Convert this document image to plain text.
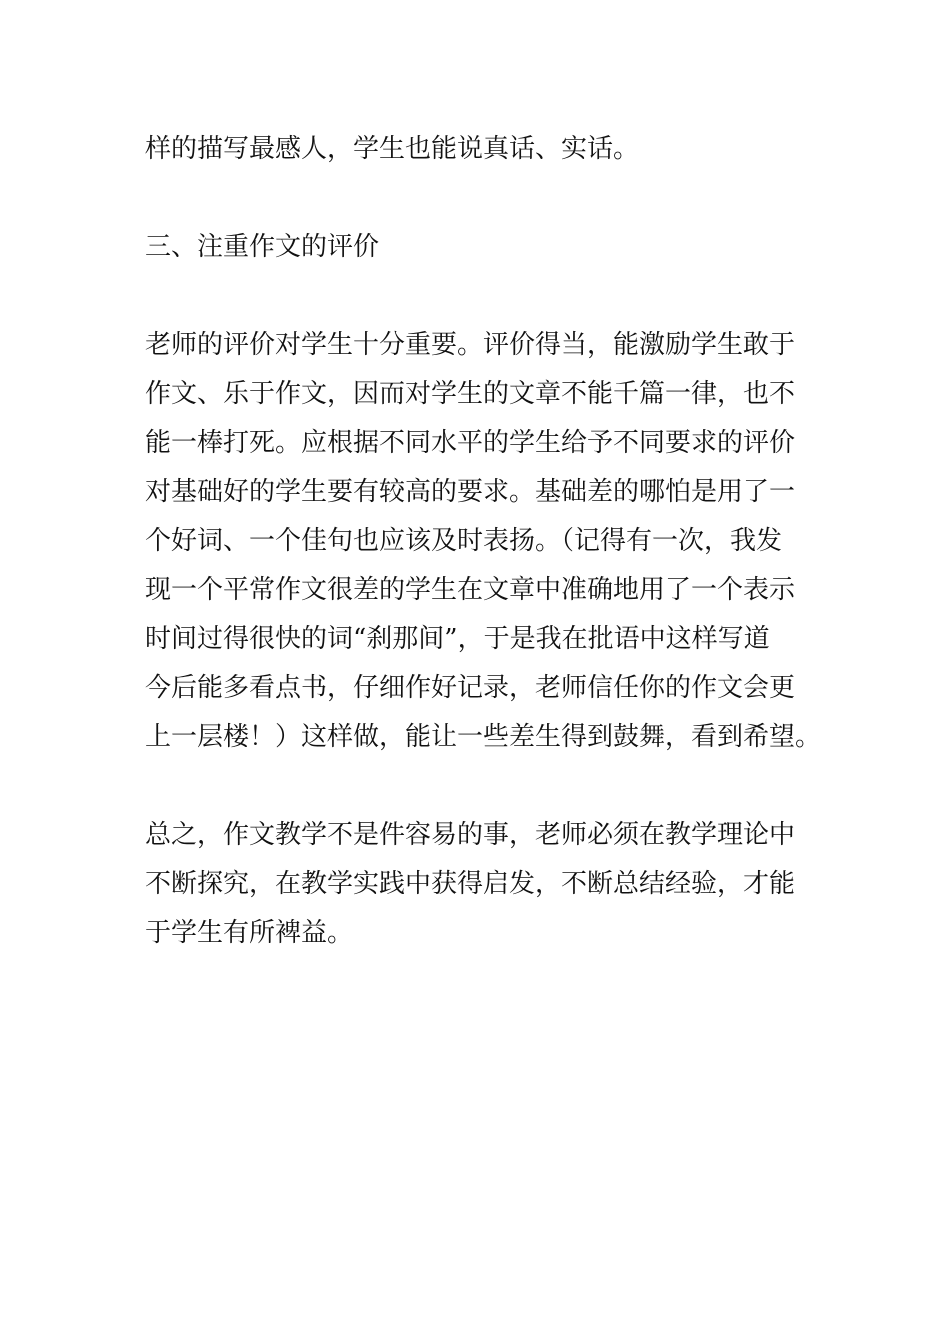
样的描写最感人，学生也能说真话、实话。
三、注重作文的评价
老师的评价对学生十分重要。评价得当，能激励学生敢于
作文、乐于作文，因而对学生的文章不能千篇一律，也不
能一棒打死。应根据不同水平的学生给予不同要求的评价
对基础好的学生要有较高的要求。基础差的哪怕是用了一
个好词、一个佳句也应该及时表扬。（记得有一次，我发
现一个平常作文很差的学生在文章中准确地用了一个表示
时间过得很快的词“刹那间”，于是我在批语中这样写道
今后能多看点书，仔细作好记录，老师信任你的作文会更
上一层楼！）这样做，能让一些差生得到鼓舞，看到希望。
总之，作文教学不是件容易的事，老师必须在教学理论中
不断探究，在教学实践中获得启发，不断总结经验，才能
于学生有所裨益。
